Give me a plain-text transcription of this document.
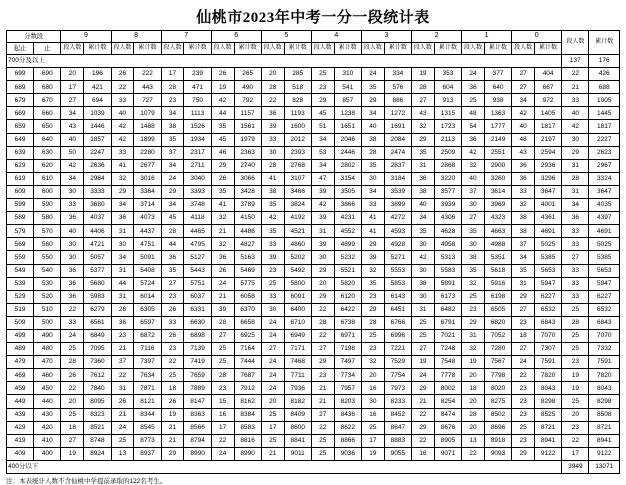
仙桃市2023年中考一分一段统计表
分数段		9		8		7		6		5		4		3		2		1		0		段人数	累计数
起止	止	段人数	累计数	段人数	累计数	段人数	累计数	段人数	累计数	段人数	累计数	段人数	累计数	段人数	累计数	段人数	累计数	段人数	累计数	段人数	累计数		
700分及以上																						137	176
699	690	20	196	26	222	17	239	26	265	20	285	25	310	24	334	19	353	24	377	27	404	22	426
689	680	17	421	22	443	28	471	19	490	28	518	23	541	35	576	28	604	36	640	27	667	21	688
679	670	27	694	33	727	23	750	42	792	22	828	29	857	29	886	27	913	25	938	34	972	33	1005
669	660	34	1039	40	1079	34	1113	44	1157	36	1193	45	1238	34	1272	43	1315	48	1363	42	1405	40	1445
659	650	43	1446	42	1488	38	1526	35	1561	39	1600	51	1651	40	1691	32	1723	54	1777	40	1817	42	1817
649	640	40	1857	42	1899	35	1934	45	1979	33	2012	34	2046	38	2084	29	2113	36	2149	48	2197	30	2227
639	630	50	2247	33	2280	37	2317	46	2363	30	2393	53	2446	28	2474	35	2509	42	2551	43	2594	29	2623
629	620	42	2636	41	2677	34	2711	29	2740	28	2768	34	2802	35	2837	31	2868	32	2900	36	2936	31	2967
619	610	34	2984	32	3016	24	3040	26	3066	41	3107	47	3154	30	3184	36	3220	40	3260	36	3296	28	3324
609	600	30	3333	29	3364	29	3393	35	3428	38	3466	39	3505	34	3539	38	3577	37	3614	33	3647	31	3647
599	590	33	3680	34	3714	34	3748	41	3789	35	3824	42	3866	33	3899	40	3939	30	3969	32	4001	34	4035
589	580	36	4037	36	4073	45	4118	32	4150	42	4192	39	4231	41	4272	34	4306	27	4323	38	4361	36	4397
579	570	40	4406	31	4437	28	4465	21	4486	35	4521	31	4552	41	4593	35	4628	35	4663	38	4691	33	4691
569	560	30	4721	30	4751	44	4795	32	4827	33	4860	39	4899	29	4928	30	4958	30	4988	37	5025	33	5025
559	550	30	5057	34	5091	36	5127	36	5163	39	5202	30	5232	39	5271	42	5313	38	5351	34	5385	27	5385
549	540	36	5377	31	5408	35	5443	26	5469	23	5492	29	5521	32	5553	30	5583	35	5618	35	5653	33	5653
539	530	36	5680	44	5724	27	5751	24	5775	25	5800	20	5820	35	5853	38	5891	32	5916	31	5947	33	5947
529	520	36	5983	31	6014	23	6037	21	6058	33	6091	29	6120	23	6143	30	6173	25	6198	29	6227	33	6227
519	510	22	6279	26	6305	26	6331	39	6370	30	6400	22	6422	29	6451	31	6482	23	6505	27	6532	25	6532
509	500	33	6561	36	6597	33	6630	28	6658	24	6710	28	6738	28	6766	25	6791	29	6820	23	6843	28	6843
499	490	24	6849	23	6872	26	6898	27	6925	24	6949	22	6971	25	6996	25	7021	31	7052	18	7070	25	7070
489	480	25	7095	21	7116	23	7139	25	7164	27	7171	27	7198	23	7221	27	7248	32	7280	27	7307	25	7332
479	470	28	7360	37	7397	22	7419	25	7444	24	7468	29	7497	32	7529	19	7548	19	7567	24	7591	23	7591
469	460	26	7612	22	7634	25	7659	28	7687	24	7711	23	7734	20	7754	24	7778	20	7798	22	7820	19	7820
459	450	22	7840	31	7871	18	7889	23	7912	24	7936	21	7957	16	7973	29	8002	18	8020	23	8043	19	8043
449	440	20	8095	26	8121	26	8147	15	8162	20	8182	21	8203	30	8233	21	8254	20	8275	23	8298	25	8298
439	430	25	8323	21	8344	19	8363	16	8384	25	8409	27	8436	16	8452	22	8474	28	8502	23	8525	20	8508
429	420	18	8521	24	8545	21	8566	17	8583	17	8600	22	8622	25	8647	29	8676	20	8696	25	8721	23	8721
419	410	27	8748	25	8773	21	8794	22	8816	25	8841	25	8866	17	8883	22	8905	13	8918	23	8941	22	8941
409	400	19	8924	13	8937	29	8990	24	8990	21	9011	25	9036	19	9055	16	9071	22	9093	29	9122	17	9122
400分以下																						3949	13071
注：本表统计人数不含仙桃中学提前录取的122名考生。
